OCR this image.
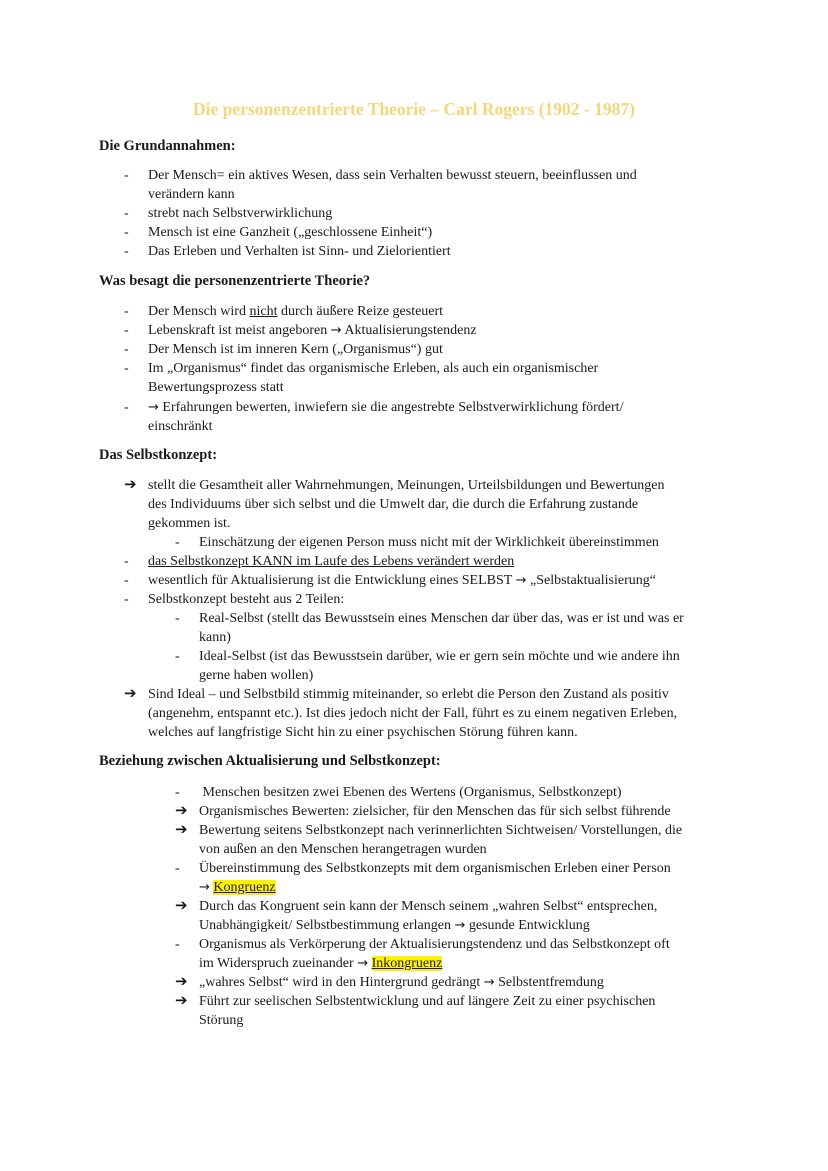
Die personenzentrierte Theorie – Carl Rogers (1902 - 1987)
Die Grundannahmen:
-	Der Mensch= ein aktives Wesen, dass sein Verhalten bewusst steuern, beeinflussen und
verändern kann
-	strebt nach Selbstverwirklichung
-	Mensch ist eine Ganzheit („geschlossene Einheit“)
-	Das Erleben und Verhalten ist Sinn- und Zielorientiert
Was besagt die personenzentrierte Theorie?
-	Der Mensch wird nicht durch äußere Reize gesteuert
-	Lebenskraft ist meist angeboren → Aktualisierungstendenz
-	Der Mensch ist im inneren Kern („Organismus“) gut
-	Im „Organismus“ findet das organismische Erleben, als auch ein organismischer
Bewertungsprozess statt
-	→ Erfahrungen bewerten, inwiefern sie die angestrebte Selbstverwirklichung fördert/
einschränkt
Das Selbstkonzept:
➔ stellt die Gesamtheit aller Wahrnehmungen, Meinungen, Urteilsbildungen und Bewertungen
des Individuums über sich selbst und die Umwelt dar, die durch die Erfahrung zustande
gekommen ist.
-	Einschätzung der eigenen Person muss nicht mit der Wirklichkeit übereinstimmen
-	das Selbstkonzept KANN im Laufe des Lebens verändert werden
-	wesentlich für Aktualisierung ist die Entwicklung eines SELBST → „Selbstaktualisierung“
-	Selbstkonzept besteht aus 2 Teilen:
-	Real-Selbst (stellt das Bewusstsein eines Menschen dar über das, was er ist und was er
kann)
-	Ideal-Selbst (ist das Bewusstsein darüber, wie er gern sein möchte und wie andere ihn
gerne haben wollen)
➔ Sind Ideal – und Selbstbild stimmig miteinander, so erlebt die Person den Zustand als positiv
(angenehm, entspannt etc.). Ist dies jedoch nicht der Fall, führt es zu einem negativen Erleben,
welches auf langfristige Sicht hin zu einer psychischen Störung führen kann.
Beziehung zwischen Aktualisierung und Selbstkonzept:
-	Menschen besitzen zwei Ebenen des Wertens (Organismus, Selbstkonzept)
➔ Organismisches Bewerten: zielsicher, für den Menschen das für sich selbst führende
➔ Bewertung seitens Selbstkonzept nach verinnerlichten Sichtweisen/ Vorstellungen, die
von außen an den Menschen herangetragen wurden
-	Übereinstimmung des Selbstkonzepts mit dem organismischen Erleben einer Person
→ Kongruenz
➔ Durch das Kongruent sein kann der Mensch seinem „wahren Selbst“ entsprechen,
Unabhängigkeit/ Selbstbestimmung erlangen → gesunde Entwicklung
-	Organismus als Verkörperung der Aktualisierungstendenz und das Selbstkonzept oft
im Widerspruch zueinander → Inkongruenz
➔ „wahres Selbst“ wird in den Hintergrund gedrängt → Selbstentfremdung
➔ Führt zur seelischen Selbstentwicklung und auf längere Zeit zu einer psychischen
Störung
